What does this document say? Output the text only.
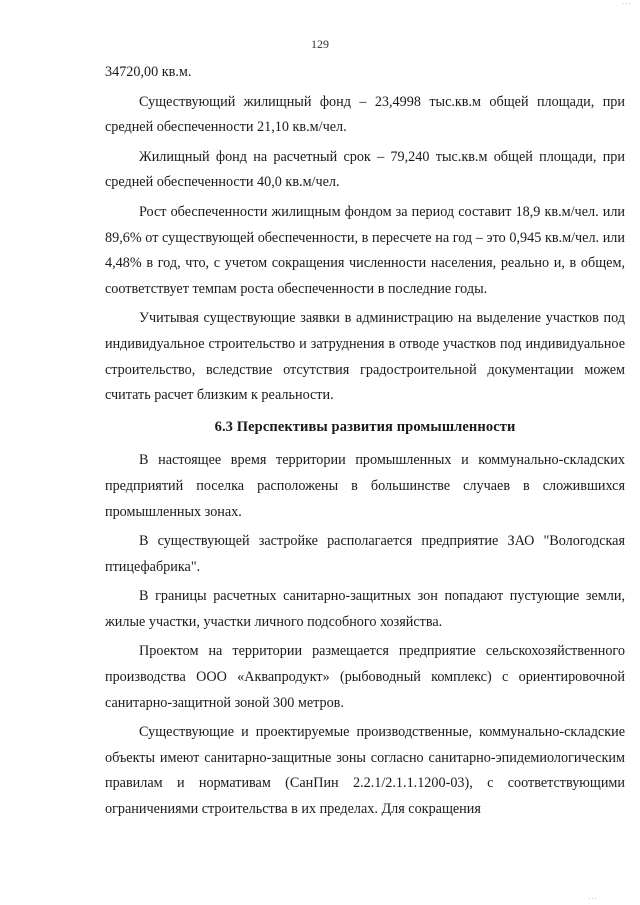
···
129

34720,00 кв.м.

Существующий жилищный фонд – 23,4998 тыс.кв.м общей площади, при средней обеспеченности 21,10 кв.м/чел.

Жилищный фонд на расчетный срок – 79,240 тыс.кв.м общей площади, при средней обеспеченности 40,0 кв.м/чел.

Рост обеспеченности жилищным фондом за период составит 18,9 кв.м/чел. или 89,6% от существующей обеспеченности, в пересчете на год – это 0,945 кв.м/чел. или 4,48% в год, что, с учетом сокращения численности населения, реально и, в общем, соответствует темпам роста обеспеченности в последние годы.

Учитывая существующие заявки в администрацию на выделение участков под индивидуальное строительство и затруднения в отводе участков под индивидуальное строительство, вследствие отсутствия градостроительной документации можем считать расчет близким к реальности.

6.3 Перспективы развития промышленности

В настоящее время территории промышленных и коммунально-складских предприятий поселка расположены в большинстве случаев в сложившихся промышленных зонах.

В существующей застройке располагается предприятие ЗАО "Вологодская птицефабрика".

В границы расчетных санитарно-защитных зон попадают пустующие земли, жилые участки, участки личного подсобного хозяйства.

Проектом на территории размещается предприятие сельскохозяйственного производства ООО «Аквапродукт» (рыбоводный комплекс) с ориентировочной санитарно-защитной зоной 300 метров.

Существующие и проектируемые производственные, коммунально-складские объекты имеют санитарно-защитные зоны согласно санитарно-эпидемиологическим правилам и нормативам (СанПин 2.2.1/2.1.1.1200-03), с соответствующими ограничениями строительства в их пределах. Для сокращения

···
